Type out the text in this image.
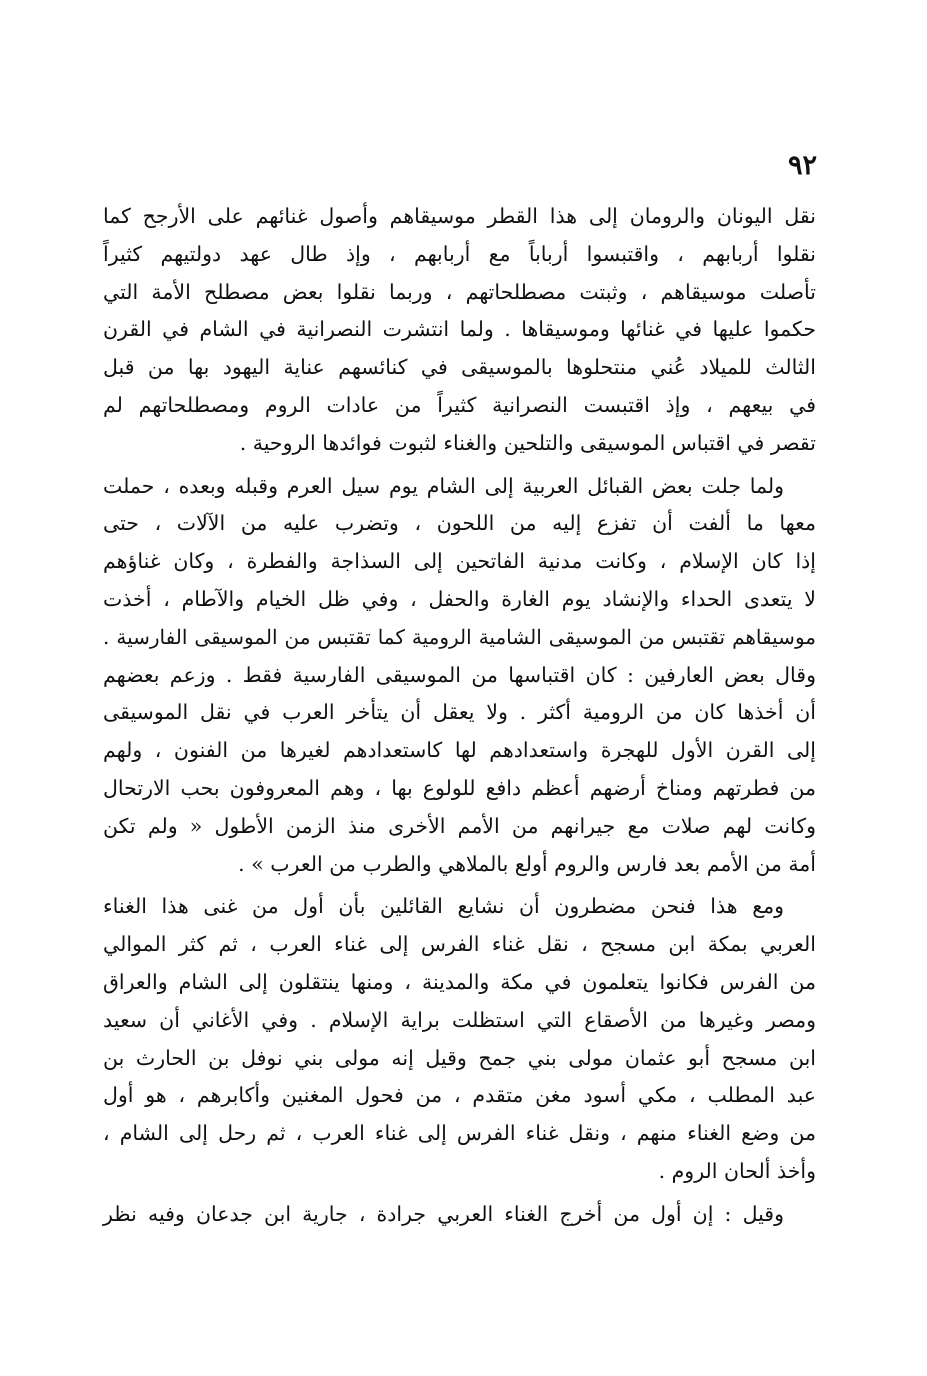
٩٢
نقل اليونان والرومان إلى هذا القطر موسيقاهم وأصول غنائهم على الأرجح كما
نقلوا أربابهم ، واقتبسوا أرباباً مع أربابهم ، وإذ طال عهد دولتيهم كثيراً
تأصلت موسيقاهم ، وثبتت مصطلحاتهم ، وربما نقلوا بعض مصطلح الأمة التي
حكموا عليها في غنائها وموسيقاها . ولما انتشرت النصرانية في الشام في القرن
الثالث للميلاد عُني منتحلوها بالموسيقى في كنائسهم عناية اليهود بها من قبل
في بيعهم ، وإذ اقتبست النصرانية كثيراً من عادات الروم ومصطلحاتهم لم
تقصر في اقتباس الموسيقى والتلحين والغناء لثبوت فوائدها الروحية .
ولما جلت بعض القبائل العربية إلى الشام يوم سيل العرم وقبله وبعده ، حملت
معها ما ألفت أن تفزع إليه من اللحون ، وتضرب عليه من الآلات ، حتى
إذا كان الإسلام ، وكانت مدنية الفاتحين إلى السذاجة والفطرة ، وكان غناؤهم
لا يتعدى الحداء والإنشاد يوم الغارة والحفل ، وفي ظل الخيام والآطام ، أخذت
موسيقاهم تقتبس من الموسيقى الشامية الرومية كما تقتبس من الموسيقى الفارسية .
وقال بعض العارفين : كان اقتباسها من الموسيقى الفارسية فقط . وزعم بعضهم
أن أخذها كان من الرومية أكثر . ولا يعقل أن يتأخر العرب في نقل الموسيقى
إلى القرن الأول للهجرة واستعدادهم لها كاستعدادهم لغيرها من الفنون ، ولهم
من فطرتهم ومناخ أرضهم أعظم دافع للولوع بها ، وهم المعروفون بحب الارتحال
وكانت لهم صلات مع جيرانهم من الأمم الأخرى منذ الزمن الأطول « ولم تكن
أمة من الأمم بعد فارس والروم أولع بالملاهي والطرب من العرب » .
ومع هذا فنحن مضطرون أن نشايع القائلين بأن أول من غنى هذا الغناء
العربي بمكة ابن مسجح ، نقل غناء الفرس إلى غناء العرب ، ثم كثر الموالي
من الفرس فكانوا يتعلمون في مكة والمدينة ، ومنها ينتقلون إلى الشام والعراق
ومصر وغيرها من الأصقاع التي استظلت براية الإسلام . وفي الأغاني أن سعيد
ابن مسجح أبو عثمان مولى بني جمح وقيل إنه مولى بني نوفل بن الحارث بن
عبد المطلب ، مكي أسود مغن متقدم ، من فحول المغنين وأكابرهم ، هو أول
من وضع الغناء منهم ، ونقل غناء الفرس إلى غناء العرب ، ثم رحل إلى الشام ،
وأخذ ألحان الروم .
وقيل : إن أول من أخرج الغناء العربي جرادة ، جارية ابن جدعان وفيه نظر
